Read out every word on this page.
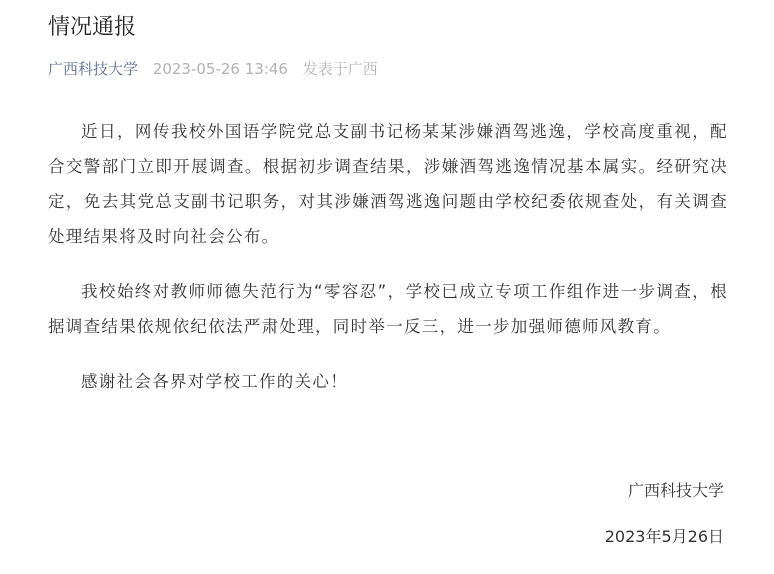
情况通报
广西科技大学 2023-05-26 13:46 发表于广西

近日，网传我校外国语学院党总支副书记杨某某涉嫌酒驾逃逸，学校高度重视，配合交警部门立即开展调查。根据初步调查结果，涉嫌酒驾逃逸情况基本属实。经研究决定，免去其党总支副书记职务，对其涉嫌酒驾逃逸问题由学校纪委依规查处，有关调查处理结果将及时向社会公布。

我校始终对教师师德失范行为“零容忍”，学校已成立专项工作组作进一步调查，根据调查结果依规依纪依法严肃处理，同时举一反三，进一步加强师德师风教育。

感谢社会各界对学校工作的关心！

广西科技大学
2023年5月26日
